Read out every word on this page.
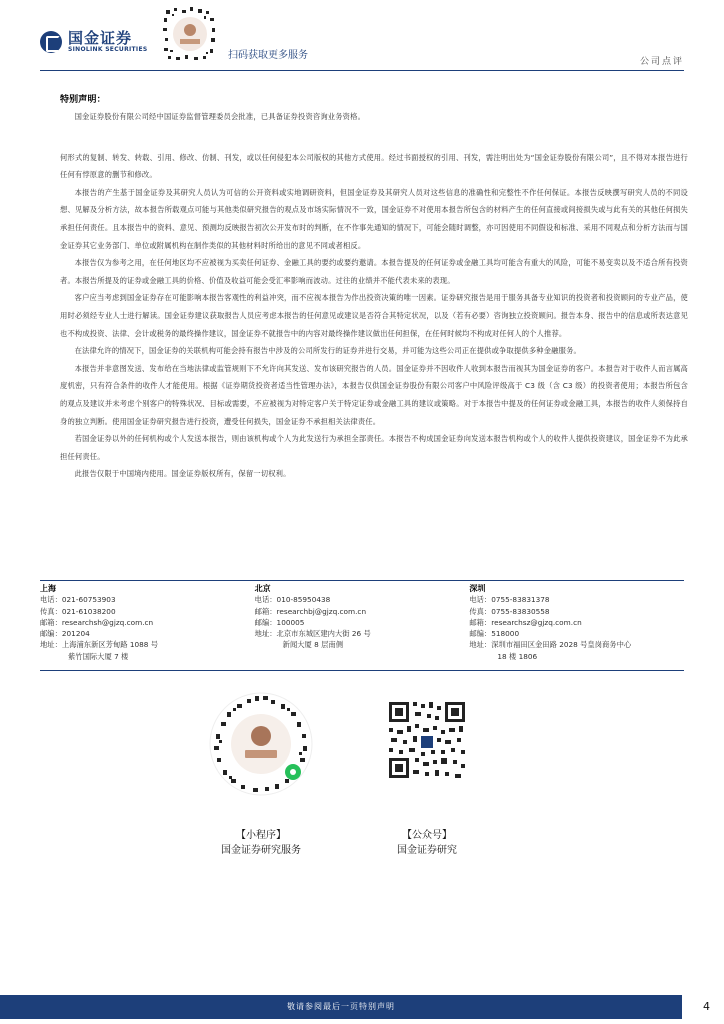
国金证券
SINOLINK SECURITIES
扫码获取更多服务
公司点评
特别声明：

国金证券股份有限公司经中国证券监督管理委员会批准，已具备证券投资咨询业务资格。

何形式的复制、转发、转载、引用、修改、仿制、刊发，或以任何侵犯本公司版权的其他方式使用。经过书面授权的引用、刊发，需注明出处为“国金证券股份有限公司”，且不得对本报告进行任何有悖原意的删节和修改。

本报告的产生基于国金证券及其研究人员认为可信的公开资料或实地调研资料，但国金证券及其研究人员对这些信息的准确性和完整性不作任何保证。本报告反映撰写研究人员的不同设想、见解及分析方法，故本报告所载观点可能与其他类似研究报告的观点及市场实际情况不一致，国金证券不对使用本报告所包含的材料产生的任何直接或间接损失或与此有关的其他任何损失承担任何责任。且本报告中的资料、意见、预测均反映报告初次公开发布时的判断，在不作事先通知的情况下，可能会随时调整，亦可因使用不同假设和标准、采用不同观点和分析方法而与国金证券其它业务部门、单位或附属机构在制作类似的其他材料时所给出的意见不同或者相反。

本报告仅为参考之用，在任何地区均不应被视为买卖任何证券、金融工具的要约或要约邀请。本报告提及的任何证券或金融工具均可能含有重大的风险，可能不易变卖以及不适合所有投资者。本报告所提及的证券或金融工具的价格、价值及收益可能会受汇率影响而波动。过往的业绩并不能代表未来的表现。

客户应当考虑到国金证券存在可能影响本报告客观性的利益冲突，而不应视本报告为作出投资决策的唯一因素。证券研究报告是用于服务具备专业知识的投资者和投资顾问的专业产品，使用时必须经专业人士进行解读。国金证券建议获取报告人员应考虑本报告的任何意见或建议是否符合其特定状况，以及（若有必要）咨询独立投资顾问。报告本身、报告中的信息或所表达意见也不构成投资、法律、会计或税务的最终操作建议，国金证券不就报告中的内容对最终操作建议做出任何担保，在任何时候均不构成对任何人的个人推荐。

在法律允许的情况下，国金证券的关联机构可能会持有报告中涉及的公司所发行的证券并进行交易，并可能为这些公司正在提供或争取提供多种金融服务。

本报告并非意图发送、发布给在当地法律或监管规则下不允许向其发送、发布该研究报告的人员。国金证券并不因收件人收到本报告而视其为国金证券的客户。本报告对于收件人而言属高度机密，只有符合条件的收件人才能使用。根据《证券期货投资者适当性管理办法》，本报告仅供国金证券股份有限公司客户中风险评级高于 C3 级（含 C3 级）的投资者使用；本报告所包含的观点及建议并未考虑个别客户的特殊状况、目标或需要，不应被视为对特定客户关于特定证券或金融工具的建议或策略。对于本报告中提及的任何证券或金融工具，本报告的收件人须保持自身的独立判断。使用国金证券研究报告进行投资，遭受任何损失，国金证券不承担相关法律责任。

若国金证券以外的任何机构或个人发送本报告，则由该机构或个人为此发送行为承担全部责任。本报告不构成国金证券向发送本报告机构或个人的收件人提供投资建议，国金证券不为此承担任何责任。

此报告仅限于中国境内使用。国金证券版权所有，保留一切权利。

上海
电话：021-60753903
传真：021-61038200
邮箱：researchsh@gjzq.com.cn
邮编：201204
地址：上海浦东新区芳甸路 1088 号
紫竹国际大厦 7 楼
北京
电话：010-85950438
邮箱：researchbj@gjzq.com.cn
邮编：100005
地址：北京市东城区建内大街 26 号
新闻大厦 8 层南侧
深圳
电话：0755-83831378
传真：0755-83830558
邮箱：researchsz@gjzq.com.cn
邮编：518000
地址：深圳市福田区金田路 2028 号皇岗商务中心
18 楼 1806
【小程序】
国金证券研究服务
【公众号】
国金证券研究
敬请参阅最后一页特别声明	4
